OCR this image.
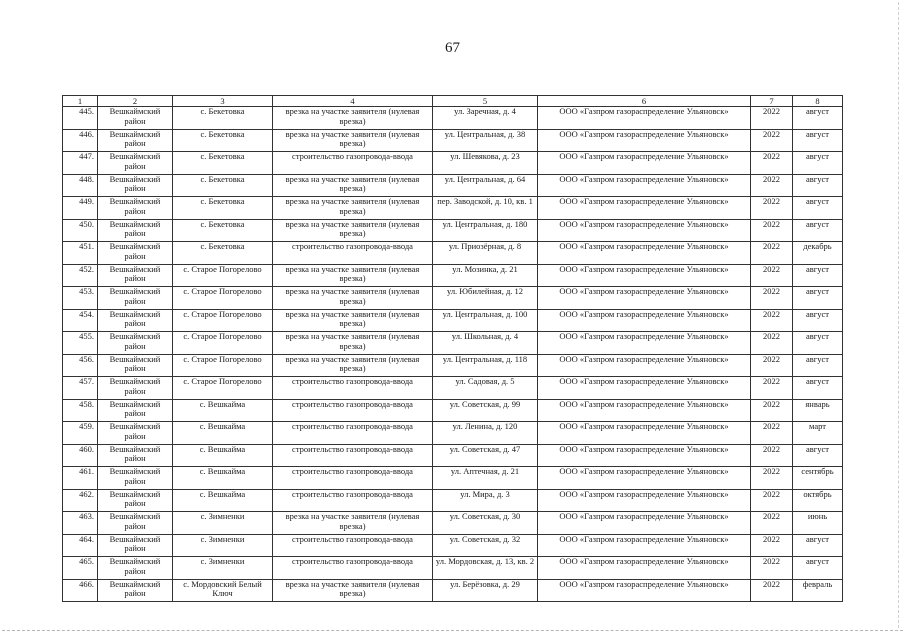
67
1	2	3	4	5	6	7	8
445.	Вешкаймский район	с. Бекетовка	врезка на участке заявителя (нулевая врезка)	ул. Заречная, д. 4	ООО «Газпром газораспределение Ульяновск»	2022	август
446.	Вешкаймский район	с. Бекетовка	врезка на участке заявителя (нулевая врезка)	ул. Центральная, д. 38	ООО «Газпром газораспределение Ульяновск»	2022	август
447.	Вешкаймский район	с. Бекетовка	строительство газопровода-ввода	ул. Шевякова, д. 23	ООО «Газпром газораспределение Ульяновск»	2022	август
448.	Вешкаймский район	с. Бекетовка	врезка на участке заявителя (нулевая врезка)	ул. Центральная, д. 64	ООО «Газпром газораспределение Ульяновск»	2022	август
449.	Вешкаймский район	с. Бекетовка	врезка на участке заявителя (нулевая врезка)	пер. Заводской, д. 10, кв. 1	ООО «Газпром газораспределение Ульяновск»	2022	август
450.	Вешкаймский район	с. Бекетовка	врезка на участке заявителя (нулевая врезка)	ул. Центральная, д. 180	ООО «Газпром газораспределение Ульяновск»	2022	август
451.	Вешкаймский район	с. Бекетовка	строительство газопровода-ввода	ул. Приозёрная, д. 8	ООО «Газпром газораспределение Ульяновск»	2022	декабрь
452.	Вешкаймский район	с. Старое Погорелово	врезка на участке заявителя (нулевая врезка)	ул. Мозинка, д. 21	ООО «Газпром газораспределение Ульяновск»	2022	август
453.	Вешкаймский район	с. Старое Погорелово	врезка на участке заявителя (нулевая врезка)	ул. Юбилейная, д. 12	ООО «Газпром газораспределение Ульяновск»	2022	август
454.	Вешкаймский район	с. Старое Погорелово	врезка на участке заявителя (нулевая врезка)	ул. Центральная, д. 100	ООО «Газпром газораспределение Ульяновск»	2022	август
455.	Вешкаймский район	с. Старое Погорелово	врезка на участке заявителя (нулевая врезка)	ул. Школьная, д. 4	ООО «Газпром газораспределение Ульяновск»	2022	август
456.	Вешкаймский район	с. Старое Погорелово	врезка на участке заявителя (нулевая врезка)	ул. Центральная, д. 118	ООО «Газпром газораспределение Ульяновск»	2022	август
457.	Вешкаймский район	с. Старое Погорелово	строительство газопровода-ввода	ул. Садовая, д. 5	ООО «Газпром газораспределение Ульяновск»	2022	август
458.	Вешкаймский район	с. Вешкайма	строительство газопровода-ввода	ул. Советская, д. 99	ООО «Газпром газораспределение Ульяновск»	2022	январь
459.	Вешкаймский район	с. Вешкайма	строительство газопровода-ввода	ул. Ленина, д. 120	ООО «Газпром газораспределение Ульяновск»	2022	март
460.	Вешкаймский район	с. Вешкайма	строительство газопровода-ввода	ул. Советская, д. 47	ООО «Газпром газораспределение Ульяновск»	2022	август
461.	Вешкаймский район	с. Вешкайма	строительство газопровода-ввода	ул. Аптечная, д. 21	ООО «Газпром газораспределение Ульяновск»	2022	сентябрь
462.	Вешкаймский район	с. Вешкайма	строительство газопровода-ввода	ул. Мира, д. 3	ООО «Газпром газораспределение Ульяновск»	2022	октябрь
463.	Вешкаймский район	с. Зимненки	врезка на участке заявителя (нулевая врезка)	ул. Советская, д. 30	ООО «Газпром газораспределение Ульяновск»	2022	июнь
464.	Вешкаймский район	с. Зимненки	строительство газопровода-ввода	ул. Советская, д. 32	ООО «Газпром газораспределение Ульяновск»	2022	август
465.	Вешкаймский район	с. Зимненки	строительство газопровода-ввода	ул. Мордовская, д. 13, кв. 2	ООО «Газпром газораспределение Ульяновск»	2022	август
466.	Вешкаймский район	с. Мордовский Белый Ключ	врезка на участке заявителя (нулевая врезка)	ул. Берёзовка, д. 29	ООО «Газпром газораспределение Ульяновск»	2022	февраль
